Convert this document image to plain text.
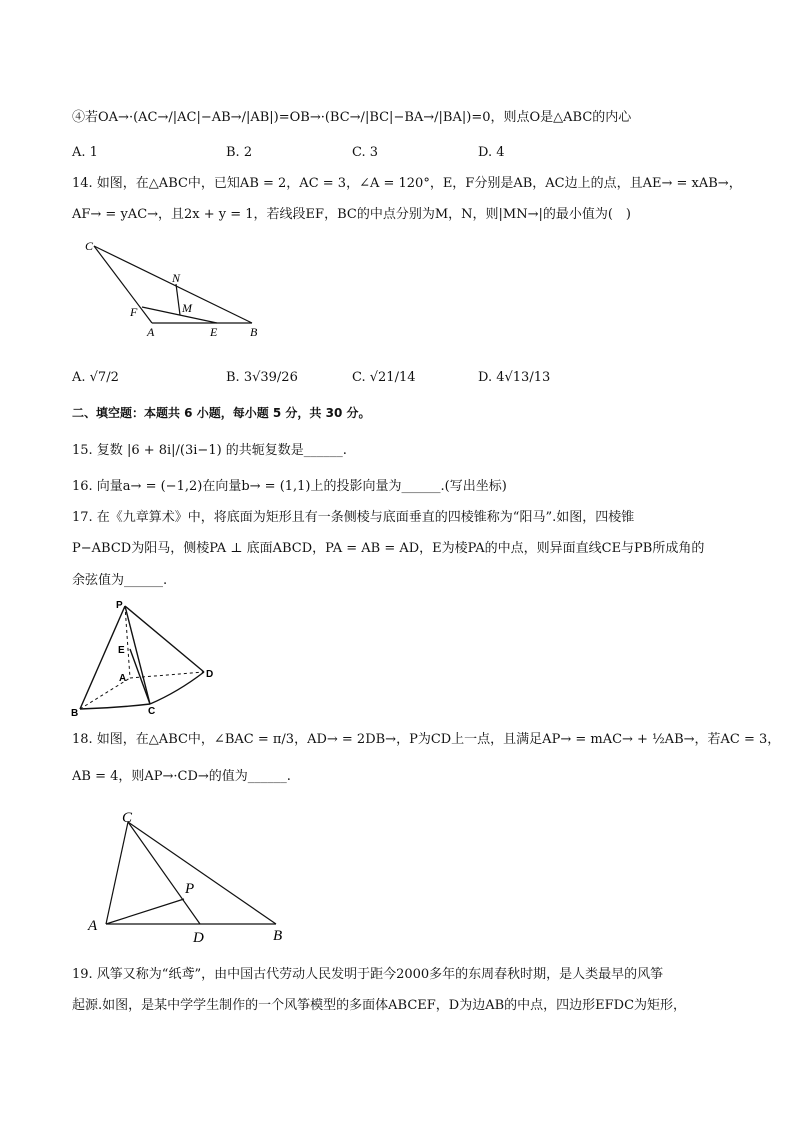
④若OA→·(AC→/|AC|−AB→/|AB|)=OB→·(BC→/|BC|−BA→/|BA|)=0，则点O是△ABC的内心
A. 1	B. 2	C. 3	D. 4
14. 如图，在△ABC中，已知AB = 2，AC = 3，∠A = 120°，E，F分别是AB，AC边上的点，且AE→ = xAB→，
AF→ = yAC→，且2x + y = 1，若线段EF，BC的中点分别为M，N，则|MN→|的最小值为(　)
C
N
M
F
A	E	B
A. √7/2	B. 3√39/26	C. √21/14	D. 4√13/13
二、填空题：本题共 6 小题，每小题 5 分，共 30 分。
15. 复数 |6 + 8i|/(3i−1) 的共轭复数是______.
16. 向量a→ = (−1,2)在向量b→ = (1,1)上的投影向量为______.(写出坐标)
17. 在《九章算术》中，将底面为矩形且有一条侧棱与底面垂直的四棱锥称为“阳马”.如图，四棱锥
P−ABCD为阳马，侧棱PA ⊥ 底面ABCD，PA = AB = AD，E为棱PA的中点，则异面直线CE与PB所成角的
余弦值为______.
P
E
A	D
B	C
18. 如图，在△ABC中，∠BAC = π/3，AD→ = 2DB→，P为CD上一点，且满足AP→ = mAC→ + ½AB→，若AC = 3，
AB = 4，则AP→·CD→的值为______.
C
P
A
D	B
19. 风筝又称为“纸鸢”，由中国古代劳动人民发明于距今2000多年的东周春秋时期，是人类最早的风筝
起源.如图，是某中学学生制作的一个风筝模型的多面体ABCEF，D为边AB的中点，四边形EFDC为矩形，
